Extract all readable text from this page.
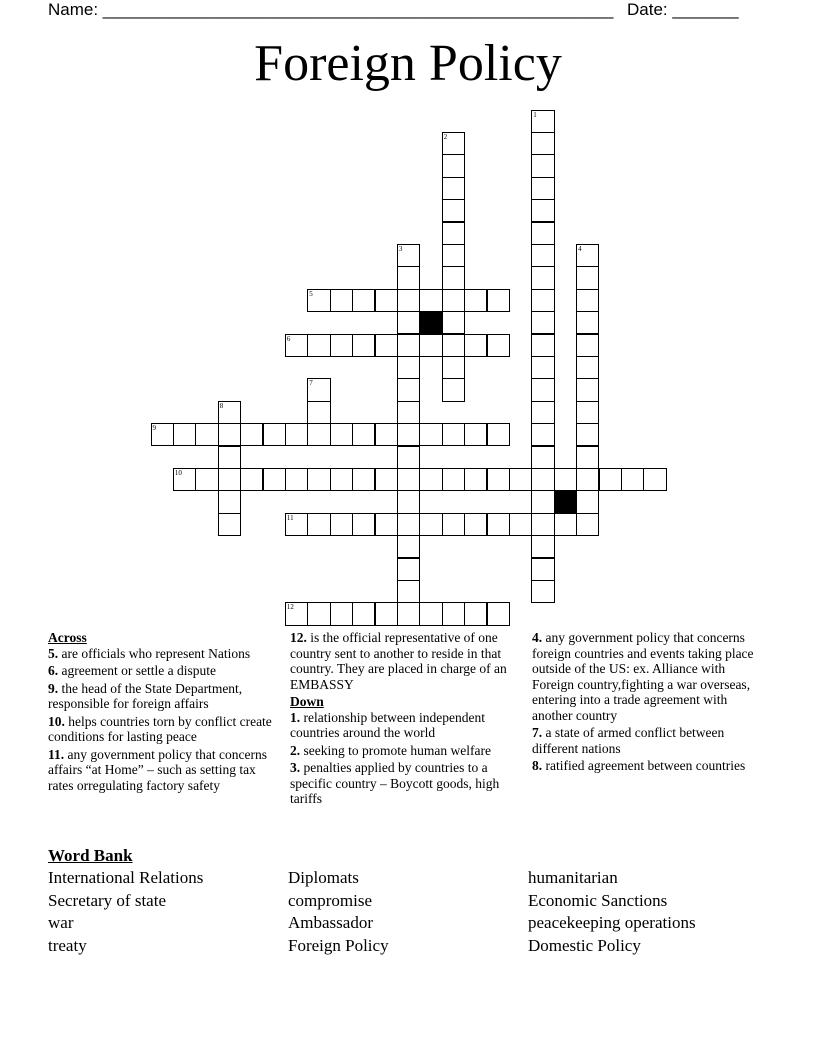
Name: ______________________________________________________ Date: _______
Foreign Policy
1
2
3	4
5
6
7
8
9
10
11
12

Across

5. are officials who represent Nations

6. agreement or settle a dispute

9. the head of the State Department, responsible for foreign affairs

10. helps countries torn by conflict create conditions for lasting peace

11. any government policy that concerns affairs “at Home” – such as setting tax rates orregulating factory safety

12. is the official representative of one country sent to another to reside in that country. They are placed in charge of an EMBASSY

Down

1. relationship between independent countries around the world

2. seeking to promote human welfare

3. penalties applied by countries to a specific country – Boycott goods, high tariffs

4. any government policy that concerns foreign countries and events taking place outside of the US: ex. Alliance with Foreign country,fighting a war overseas, entering into a trade agreement with another country

7. a state of armed conflict between different nations

8. ratified agreement between countries

Word Bank
International Relations
Secretary of state
war
treaty
Diplomats
compromise
Ambassador
Foreign Policy
humanitarian
Economic Sanctions
peacekeeping operations
Domestic Policy
